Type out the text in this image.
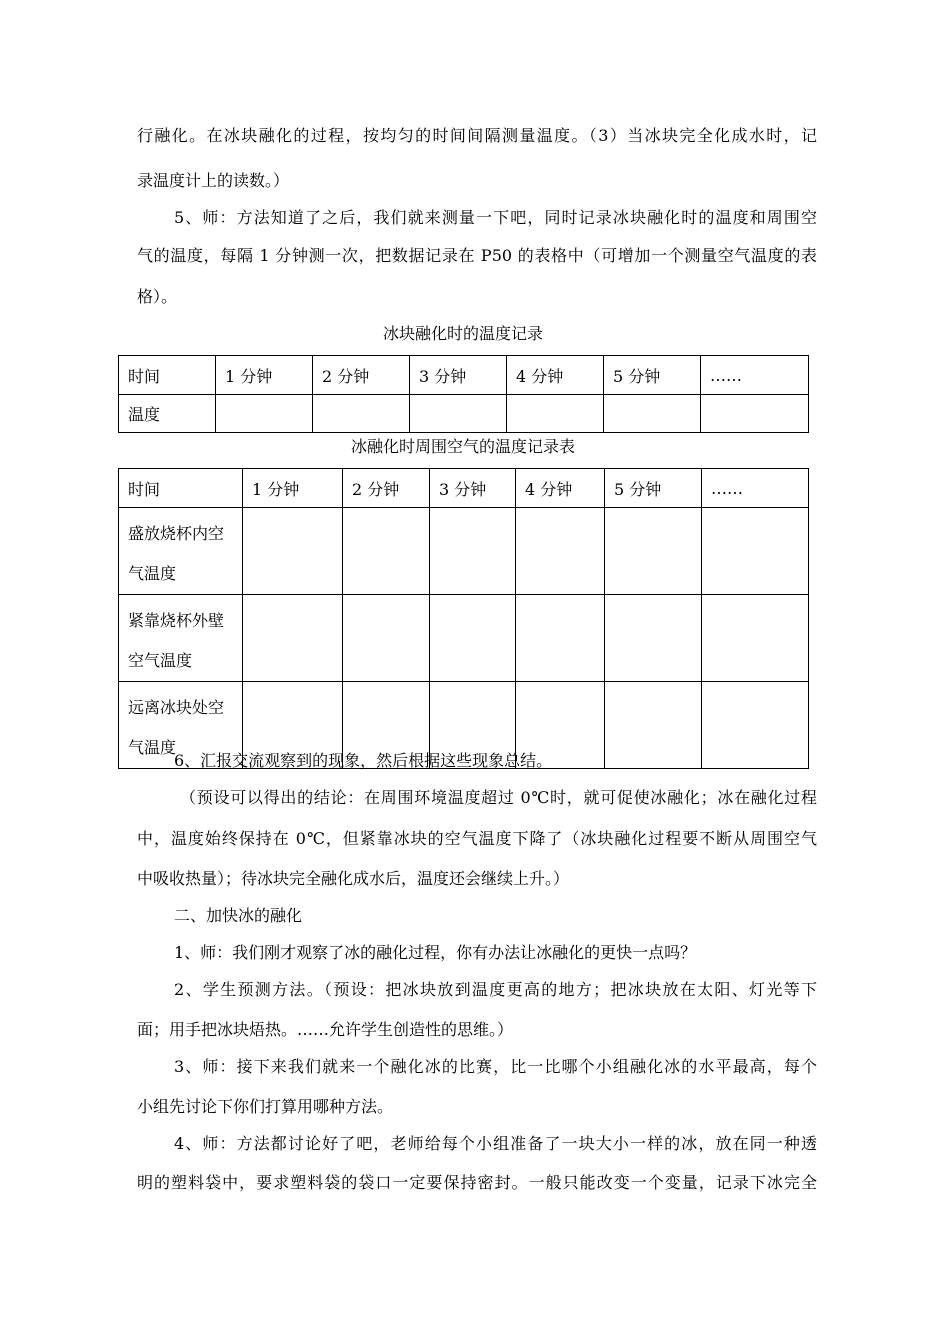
行融化。在冰块融化的过程，按均匀的时间间隔测量温度。（3）当冰块完全化成水时，记
录温度计上的读数。）
5、师：方法知道了之后，我们就来测量一下吧，同时记录冰块融化时的温度和周围空
气的温度，每隔 1 分钟测一次，把数据记录在 P50 的表格中（可增加一个测量空气温度的表
格）。
冰块融化时的温度记录
时间	1 分钟	2 分钟	3 分钟	4 分钟	5 分钟	……
温度						
冰融化时周围空气的温度记录表
时间	1 分钟	2 分钟	3 分钟	4 分钟	5 分钟	……
盛放烧杯内空
气温度						
紧靠烧杯外壁
空气温度						
远离冰块处空
气温度						
6、汇报交流观察到的现象，然后根据这些现象总结。
（预设可以得出的结论：在周围环境温度超过 0℃时，就可促使冰融化；冰在融化过程
中，温度始终保持在 0℃，但紧靠冰块的空气温度下降了（冰块融化过程要不断从周围空气
中吸收热量）；待冰块完全融化成水后，温度还会继续上升。）
二、加快冰的融化
1、师：我们刚才观察了冰的融化过程，你有办法让冰融化的更快一点吗？
2、学生预测方法。（预设：把冰块放到温度更高的地方；把冰块放在太阳、灯光等下
面；用手把冰块焐热。……允许学生创造性的思维。）
3、师：接下来我们就来一个融化冰的比赛，比一比哪个小组融化冰的水平最高，每个
小组先讨论下你们打算用哪种方法。
4、师：方法都讨论好了吧，老师给每个小组准备了一块大小一样的冰，放在同一种透
明的塑料袋中，要求塑料袋的袋口一定要保持密封。一般只能改变一个变量，记录下冰完全
